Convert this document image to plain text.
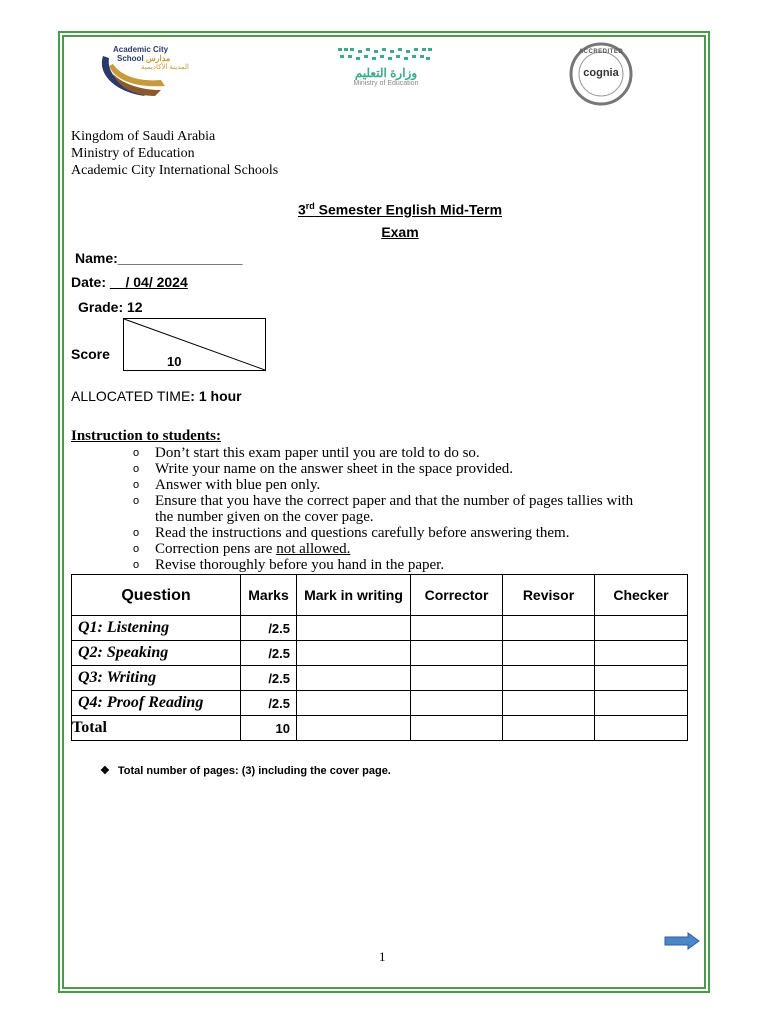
Academic City
School مدارس
المدينة الأكاديمية	وزارة التعليم
Ministry of Education
ACCREDITED
cognia
Kingdom of Saudi Arabia
Ministry of Education
Academic City International Schools
3rd Semester English Mid-Term
Exam
Name:________________
Date: __/ 04/ 2024
Grade: 12
Score	10
ALLOCATED TIME: 1 hour
Instruction to students:
o Don’t start this exam paper until you are told to do so.
o Write your name on the answer sheet in the space provided.
o Answer with blue pen only.
o Ensure that you have the correct paper and that the number of pages tallies with
the number given on the cover page.
o Read the instructions and questions carefully before answering them.
o Correction pens are not allowed.
o Revise thoroughly before you hand in the paper.
Question	Marks	Mark in writing	Corrector	Revisor	Checker
Q1: Listening	/2.5				
Q2: Speaking	/2.5				
Q3: Writing	/2.5				
Q4: Proof Reading	/2.5				
Total	10				
❖ Total number of pages: (3) including the cover page.
1
